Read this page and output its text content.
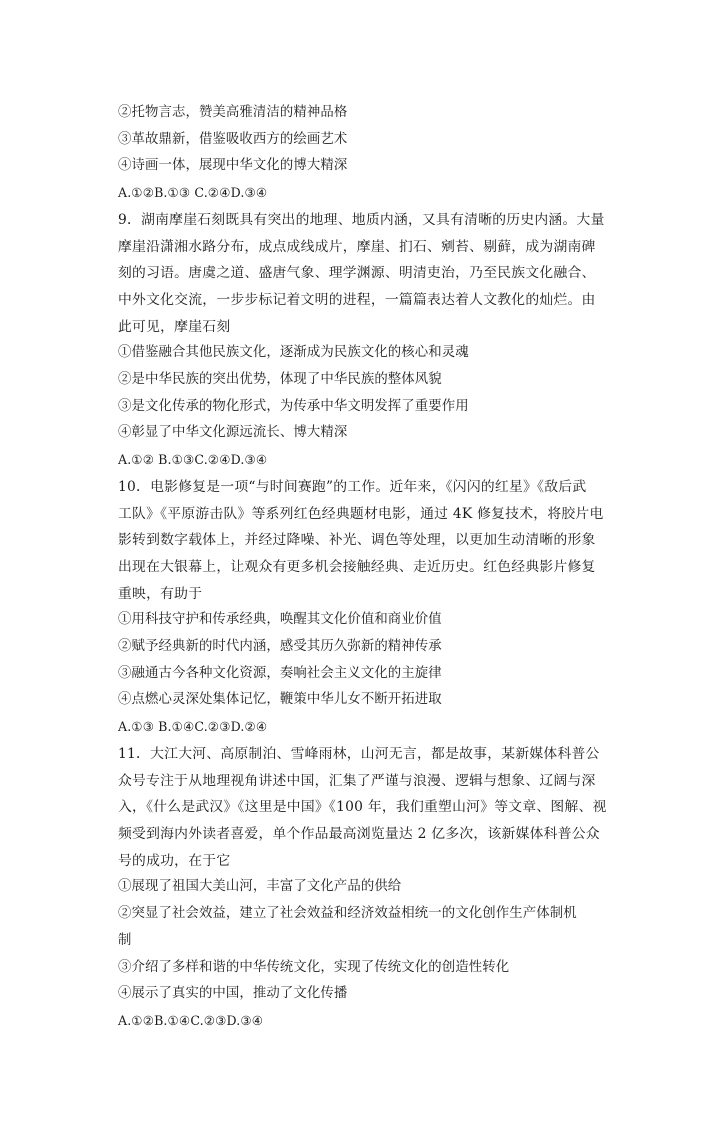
②托物言志，赞美高雅清洁的精神品格
③革故鼎新，借鉴吸收西方的绘画艺术
④诗画一体，展现中华文化的博大精深
A.①②B.①③ C.②④D.③④
9．湖南摩崖石刻既具有突出的地理、地质内涵，又具有清晰的历史内涵。大量
摩崖沿潇湘水路分布，成点成线成片，摩崖、扪石、剜苔、剔藓，成为湖南碑
刻的习语。唐虞之道、盛唐气象、理学渊源、明清吏治，乃至民族文化融合、
中外文化交流，一步步标记着文明的进程，一篇篇表达着人文教化的灿烂。由
此可见，摩崖石刻
①借鉴融合其他民族文化，逐渐成为民族文化的核心和灵魂
②是中华民族的突出优势，体现了中华民族的整体风貌
③是文化传承的物化形式，为传承中华文明发挥了重要作用
④彰显了中华文化源远流长、博大精深
A.①② B.①③C.②④D.③④
10．电影修复是一项“与时间赛跑”的工作。近年来，《闪闪的红星》《敌后武
工队》《平原游击队》等系列红色经典题材电影，通过 4K 修复技术，将胶片电
影转到数字载体上，并经过降噪、补光、调色等处理，以更加生动清晰的形象
出现在大银幕上，让观众有更多机会接触经典、走近历史。红色经典影片修复
重映，有助于
①用科技守护和传承经典，唤醒其文化价值和商业价值
②赋予经典新的时代内涵，感受其历久弥新的精神传承
③融通古今各种文化资源，奏响社会主义文化的主旋律
④点燃心灵深处集体记忆，鞭策中华儿女不断开拓进取
A.①③ B.①④C.②③D.②④
11．大江大河、高原制泊、雪峰雨林，山河无言，都是故事，某新媒体科普公
众号专注于从地理视角讲述中国，汇集了严谨与浪漫、逻辑与想象、辽阔与深
入，《什么是武汉》《这里是中国》《100 年，我们重塑山河》等文章、图解、视
频受到海内外读者喜爱，单个作品最高浏览量达 2 亿多次，该新媒体科普公众
号的成功，在于它
①展现了祖国大美山河，丰富了文化产品的供给
②突显了社会效益，建立了社会效益和经济效益相统一的文化创作生产体制机
制
③介绍了多样和谐的中华传统文化，实现了传统文化的创造性转化
④展示了真实的中国，推动了文化传播
A.①②B.①④C.②③D.③④
